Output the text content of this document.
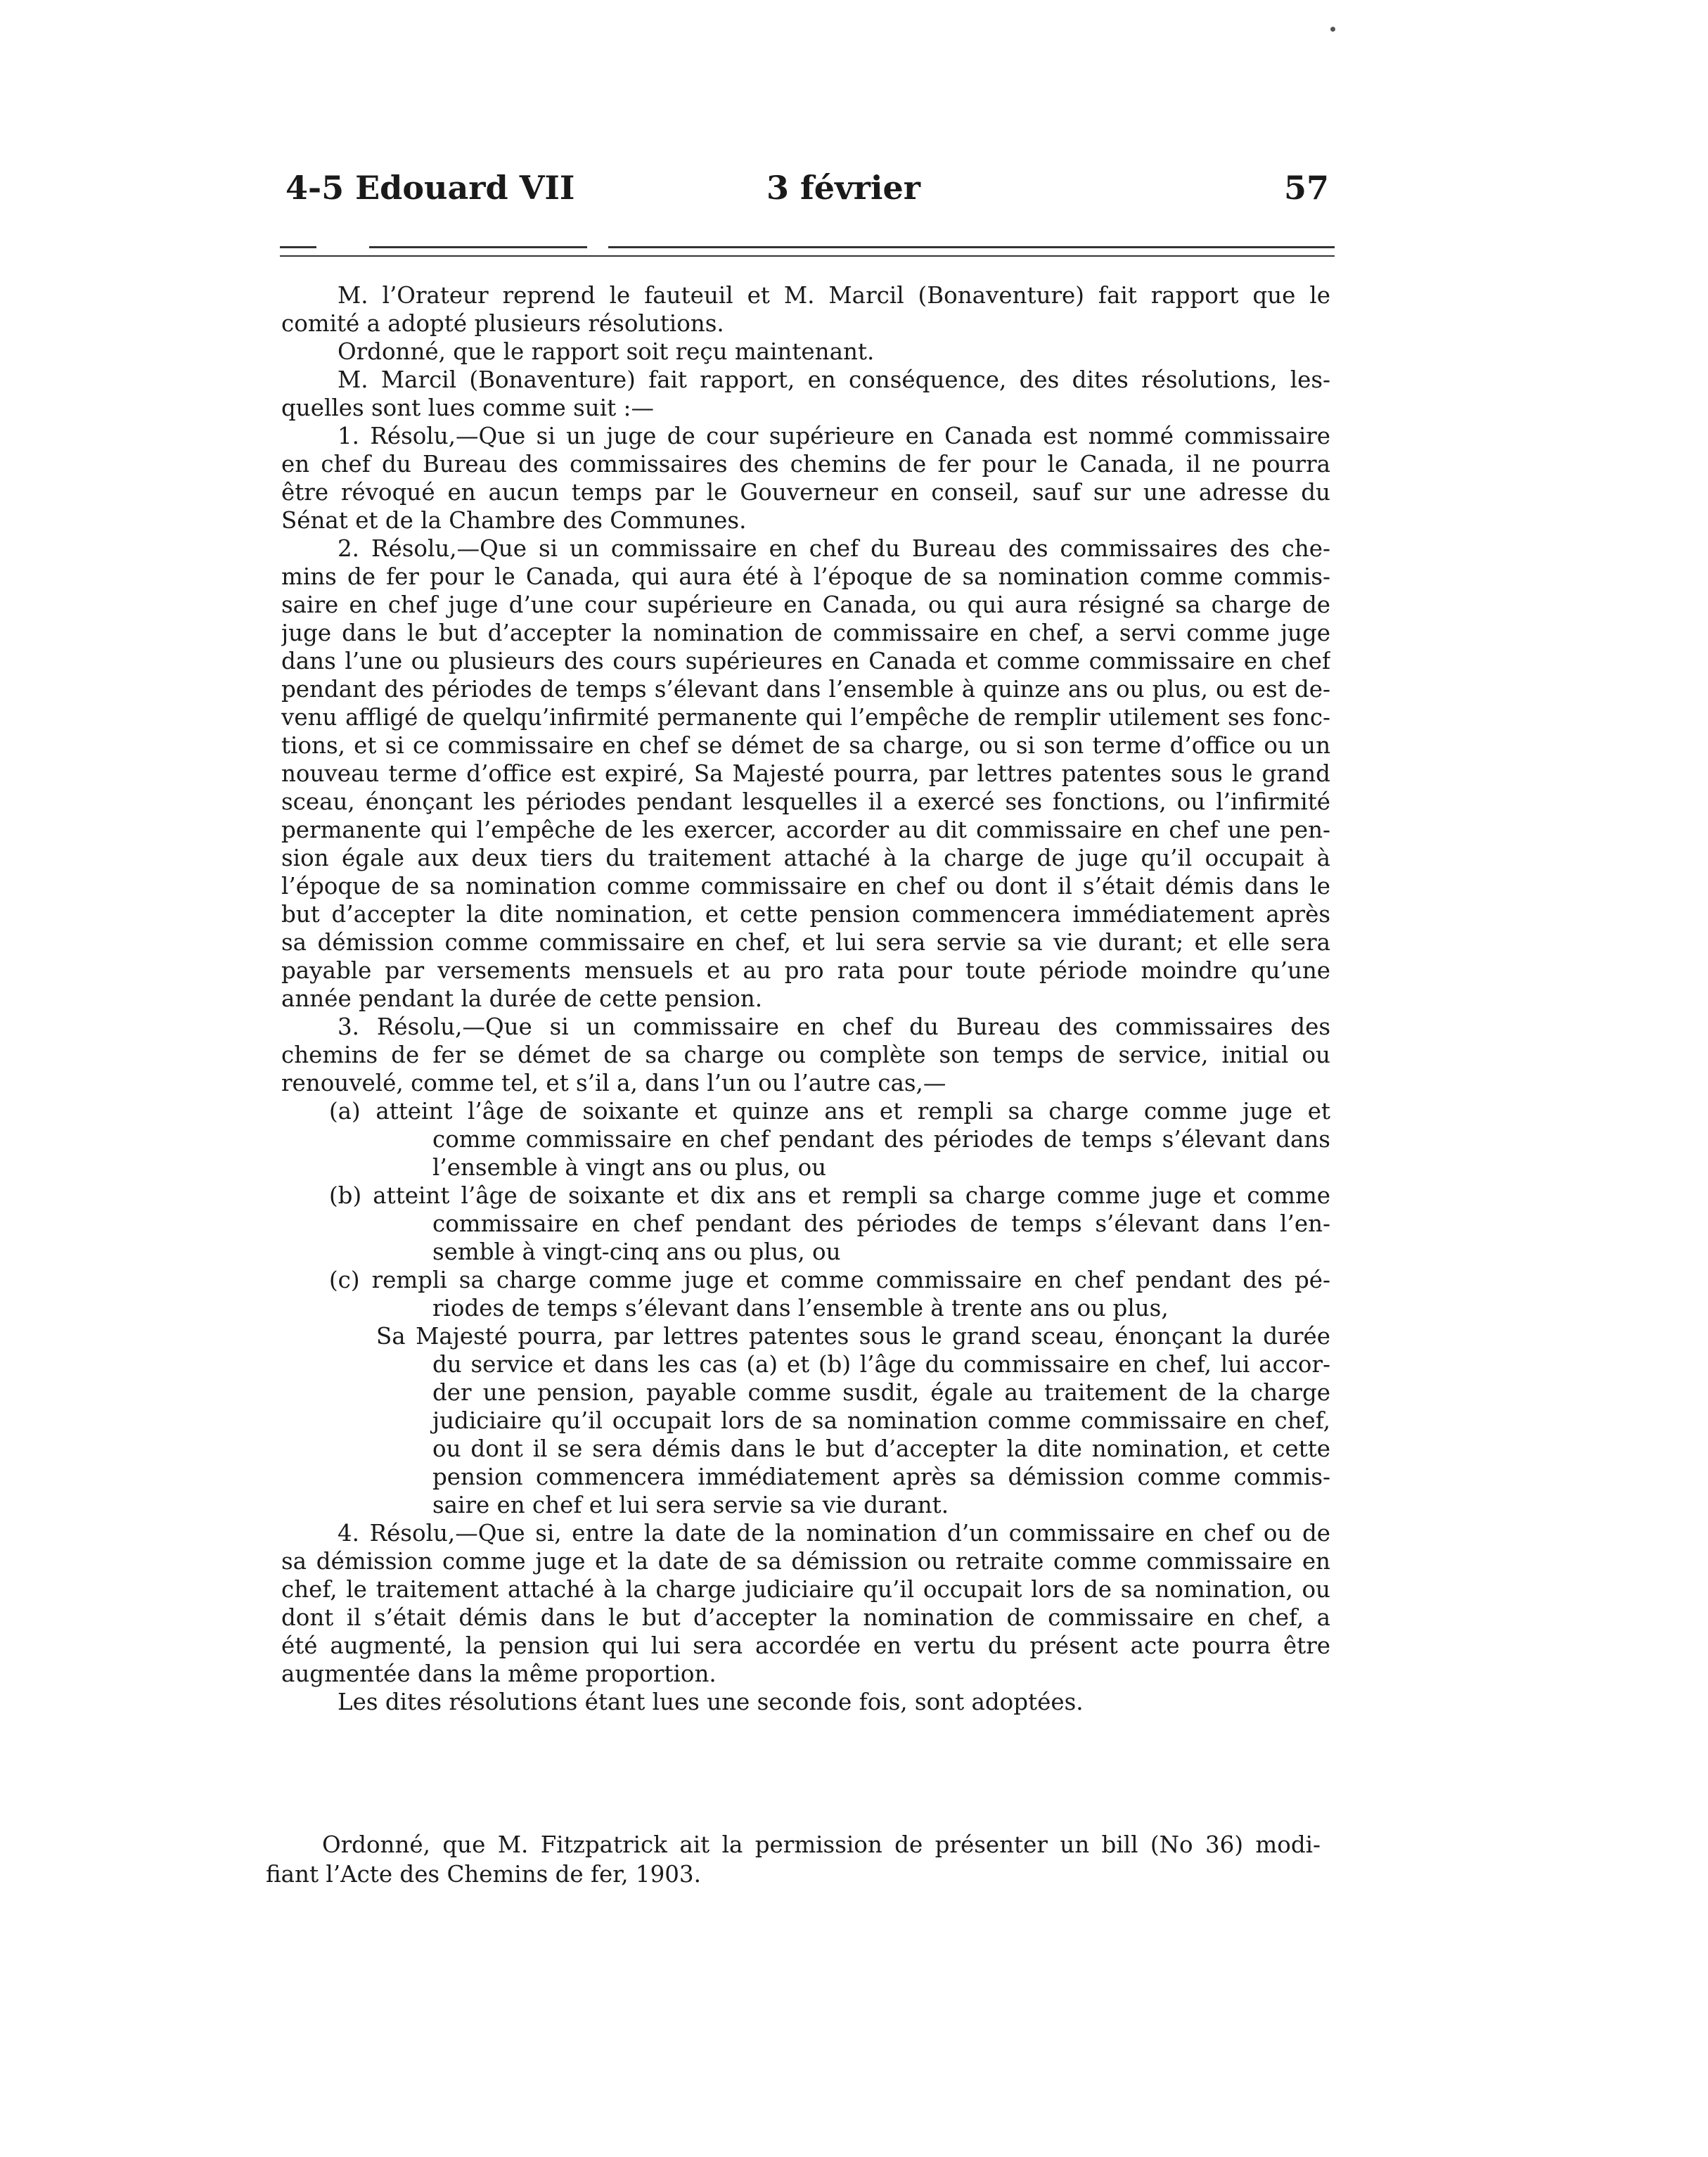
4-5 Edouard VII	3 février	57
M. l’Orateur reprend le fauteuil et M. Marcil (Bonaventure) fait rapport que le
comité a adopté plusieurs résolutions.
Ordonné, que le rapport soit reçu maintenant.
M. Marcil (Bonaventure) fait rapport, en conséquence, des dites résolutions, les-
quelles sont lues comme suit :—
1. Résolu,—Que si un juge de cour supérieure en Canada est nommé commissaire
en chef du Bureau des commissaires des chemins de fer pour le Canada, il ne pourra
être révoqué en aucun temps par le Gouverneur en conseil, sauf sur une adresse du
Sénat et de la Chambre des Communes.
2. Résolu,—Que si un commissaire en chef du Bureau des commissaires des che-
mins de fer pour le Canada, qui aura été à l’époque de sa nomination comme commis-
saire en chef juge d’une cour supérieure en Canada, ou qui aura résigné sa charge de
juge dans le but d’accepter la nomination de commissaire en chef, a servi comme juge
dans l’une ou plusieurs des cours supérieures en Canada et comme commissaire en chef
pendant des périodes de temps s’élevant dans l’ensemble à quinze ans ou plus, ou est de-
venu affligé de quelqu’infirmité permanente qui l’empêche de remplir utilement ses fonc-
tions, et si ce commissaire en chef se démet de sa charge, ou si son terme d’office ou un
nouveau terme d’office est expiré, Sa Majesté pourra, par lettres patentes sous le grand
sceau, énonçant les périodes pendant lesquelles il a exercé ses fonctions, ou l’infirmité
permanente qui l’empêche de les exercer, accorder au dit commissaire en chef une pen-
sion égale aux deux tiers du traitement attaché à la charge de juge qu’il occupait à
l’époque de sa nomination comme commissaire en chef ou dont il s’était démis dans le
but d’accepter la dite nomination, et cette pension commencera immédiatement après
sa démission comme commissaire en chef, et lui sera servie sa vie durant; et elle sera
payable par versements mensuels et au pro rata pour toute période moindre qu’une
année pendant la durée de cette pension.
3. Résolu,—Que si un commissaire en chef du Bureau des commissaires des
chemins de fer se démet de sa charge ou complète son temps de service, initial ou
renouvelé, comme tel, et s’il a, dans l’un ou l’autre cas,—
(a) atteint l’âge de soixante et quinze ans et rempli sa charge comme juge et
comme commissaire en chef pendant des périodes de temps s’élevant dans
l’ensemble à vingt ans ou plus, ou
(b) atteint l’âge de soixante et dix ans et rempli sa charge comme juge et comme
commissaire en chef pendant des périodes de temps s’élevant dans l’en-
semble à vingt-cinq ans ou plus, ou
(c) rempli sa charge comme juge et comme commissaire en chef pendant des pé-
riodes de temps s’élevant dans l’ensemble à trente ans ou plus,
Sa Majesté pourra, par lettres patentes sous le grand sceau, énonçant la durée
du service et dans les cas (a) et (b) l’âge du commissaire en chef, lui accor-
der une pension, payable comme susdit, égale au traitement de la charge
judiciaire qu’il occupait lors de sa nomination comme commissaire en chef,
ou dont il se sera démis dans le but d’accepter la dite nomination, et cette
pension commencera immédiatement après sa démission comme commis-
saire en chef et lui sera servie sa vie durant.
4. Résolu,—Que si, entre la date de la nomination d’un commissaire en chef ou de
sa démission comme juge et la date de sa démission ou retraite comme commissaire en
chef, le traitement attaché à la charge judiciaire qu’il occupait lors de sa nomination, ou
dont il s’était démis dans le but d’accepter la nomination de commissaire en chef, a
été augmenté, la pension qui lui sera accordée en vertu du présent acte pourra être
augmentée dans la même proportion.
Les dites résolutions étant lues une seconde fois, sont adoptées.
Ordonné, que M. Fitzpatrick ait la permission de présenter un bill (No 36) modi-
fiant l’Acte des Chemins de fer, 1903.
